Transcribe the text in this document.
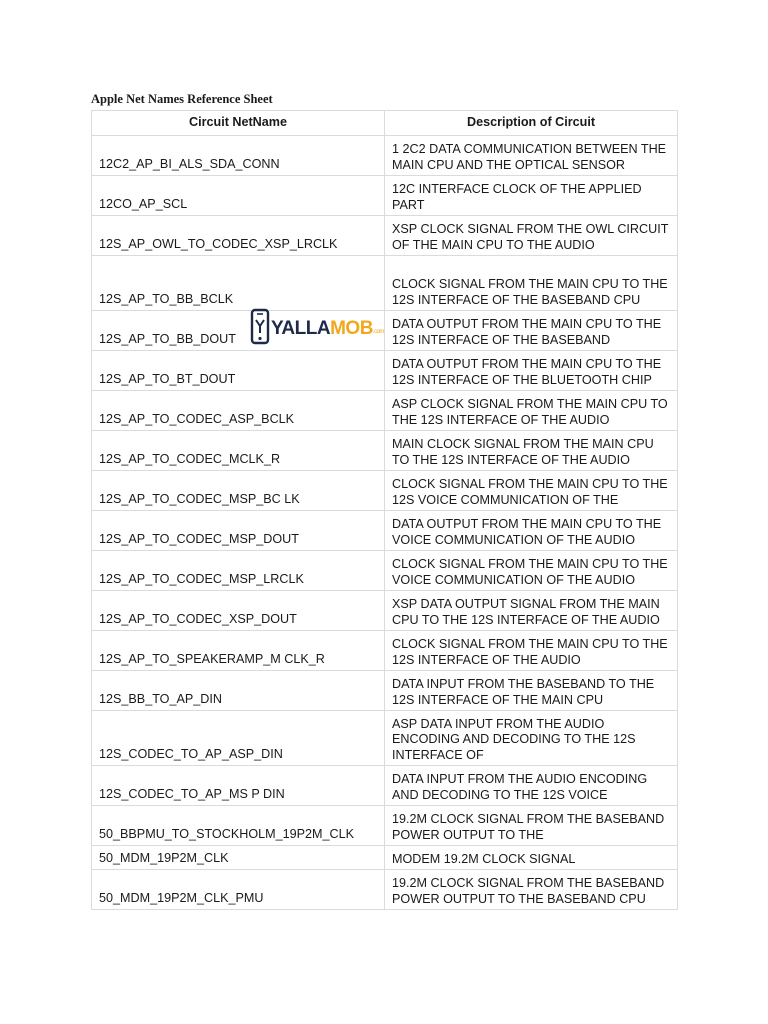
Apple Net Names Reference Sheet
Circuit NetName	Description of Circuit

12C2_AP_BI_ALS_SDA_CONN	1 2C2 DATA COMMUNICATION BETWEEN THE MAIN CPU AND THE OPTICAL SENSOR

12CO_AP_SCL	12C INTERFACE CLOCK OF THE APPLIED PART

12S_AP_OWL_TO_CODEC_XSP_LRCLK	XSP CLOCK SIGNAL FROM THE OWL CIRCUIT OF THE MAIN CPU TO THE AUDIO

12S_AP_TO_BB_BCLK	CLOCK SIGNAL FROM THE MAIN CPU TO THE 12S INTERFACE OF THE BASEBAND CPU

12S_AP_TO_BB_DOUT	DATA OUTPUT FROM THE MAIN CPU TO THE 12S INTERFACE OF THE BASEBAND

12S_AP_TO_BT_DOUT	DATA OUTPUT FROM THE MAIN CPU TO THE 12S INTERFACE OF THE BLUETOOTH CHIP

12S_AP_TO_CODEC_ASP_BCLK	ASP CLOCK SIGNAL FROM THE MAIN CPU TO THE 12S INTERFACE OF THE AUDIO

12S_AP_TO_CODEC_MCLK_R	MAIN CLOCK SIGNAL FROM THE MAIN CPU TO THE 12S INTERFACE OF THE AUDIO

12S_AP_TO_CODEC_MSP_BC LK	CLOCK SIGNAL FROM THE MAIN CPU TO THE 12S VOICE COMMUNICATION OF THE

12S_AP_TO_CODEC_MSP_DOUT	DATA OUTPUT FROM THE MAIN CPU TO THE VOICE COMMUNICATION OF THE AUDIO

12S_AP_TO_CODEC_MSP_LRCLK	CLOCK SIGNAL FROM THE MAIN CPU TO THE VOICE COMMUNICATION OF THE AUDIO

12S_AP_TO_CODEC_XSP_DOUT	XSP DATA OUTPUT SIGNAL FROM THE MAIN CPU TO THE 12S INTERFACE OF THE AUDIO

12S_AP_TO_SPEAKERAMP_M CLK_R	CLOCK SIGNAL FROM THE MAIN CPU TO THE 12S INTERFACE OF THE AUDIO

12S_BB_TO_AP_DIN	DATA INPUT FROM THE BASEBAND TO THE 12S INTERFACE OF THE MAIN CPU

12S_CODEC_TO_AP_ASP_DIN	ASP DATA INPUT FROM THE AUDIO ENCODING AND DECODING TO THE 12S INTERFACE OF

12S_CODEC_TO_AP_MS P DIN	DATA INPUT FROM THE AUDIO ENCODING AND DECODING TO THE 12S VOICE

50_BBPMU_TO_STOCKHOLM_19P2M_CLK	19.2M CLOCK SIGNAL FROM THE BASEBAND POWER OUTPUT TO THE

50_MDM_19P2M_CLK	MODEM 19.2M CLOCK SIGNAL

50_MDM_19P2M_CLK_PMU	19.2M CLOCK SIGNAL FROM THE BASEBAND POWER OUTPUT TO THE BASEBAND CPU
YALLAMOB.com
